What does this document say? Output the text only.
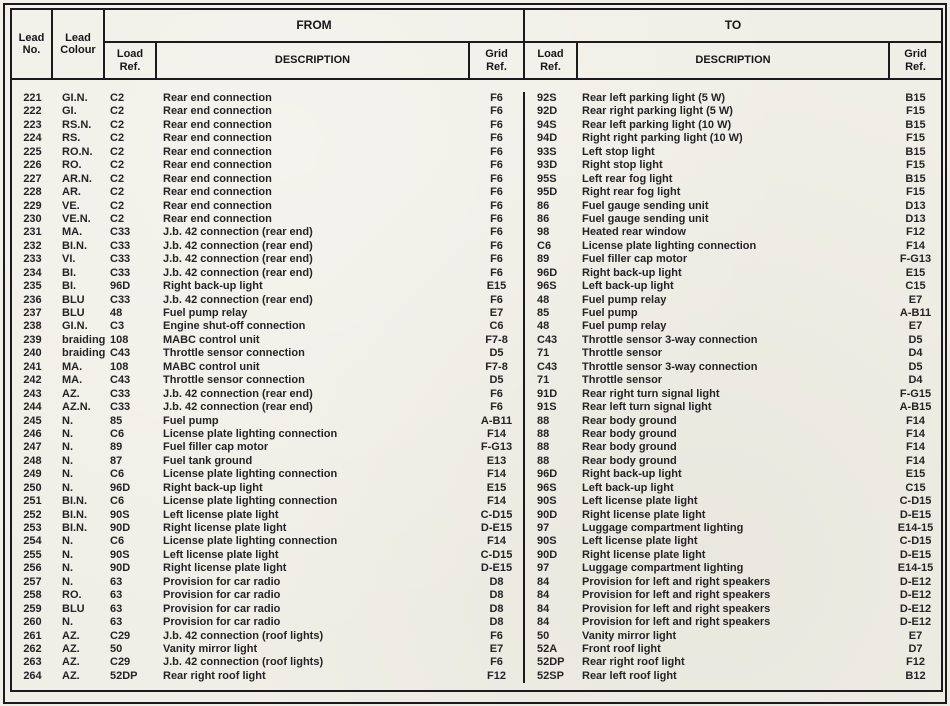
Lead No.
Lead Colour
FROM	TO
Load Ref.
DESCRIPTION
Grid Ref.
Load Ref.
DESCRIPTION
Grid Ref.
221	GI.N.	C2	Rear end connection	F6	92S	Rear left parking light (5 W)	B15
222	GI.	C2	Rear end connection	F6	92D	Rear right parking light (5 W)	F15
223	RS.N.	C2	Rear end connection	F6	94S	Rear left parking light (10 W)	B15
224	RS.	C2	Rear end connection	F6	94D	Right right parking light (10 W)	F15
225	RO.N.	C2	Rear end connection	F6	93S	Left stop light	B15
226	RO.	C2	Rear end connection	F6	93D	Right stop light	F15
227	AR.N.	C2	Rear end connection	F6	95S	Left rear fog light	B15
228	AR.	C2	Rear end connection	F6	95D	Right rear fog light	F15
229	VE.	C2	Rear end connection	F6	86	Fuel gauge sending unit	D13
230	VE.N.	C2	Rear end connection	F6	86	Fuel gauge sending unit	D13
231	MA.	C33	J.b. 42 connection (rear end)	F6	98	Heated rear window	F12
232	BI.N.	C33	J.b. 42 connection (rear end)	F6	C6	License plate lighting connection	F14
233	VI.	C33	J.b. 42 connection (rear end)	F6	89	Fuel filler cap motor	F-G13
234	BI.	C33	J.b. 42 connection (rear end)	F6	96D	Right back-up light	E15
235	BI.	96D	Right back-up light	E15	96S	Left back-up light	C15
236	BLU	C33	J.b. 42 connection (rear end)	F6	48	Fuel pump relay	E7
237	BLU	48	Fuel pump relay	E7	85	Fuel pump	A-B11
238	GI.N.	C3	Engine shut-off connection	C6	48	Fuel pump relay	E7
239	braiding 108	MABC control unit	F7-8	C43	Throttle sensor 3-way connection	D5
240	braiding C43	Throttle sensor connection	D5	71	Throttle sensor	D4
241	MA.	108	MABC control unit	F7-8	C43	Throttle sensor 3-way connection	D5
242	MA.	C43	Throttle sensor connection	D5	71	Throttle sensor	D4
243	AZ.	C33	J.b. 42 connection (rear end)	F6	91D	Rear right turn signal light	F-G15
244	AZ.N.	C33	J.b. 42 connection (rear end)	F6	91S	Rear left turn signal light	A-B15
245	N.	85	Fuel pump	A-B11	88	Rear body ground	F14
246	N.	C6	License plate lighting connection	F14	88	Rear body ground	F14
247	N.	89	Fuel filler cap motor	F-G13	88	Rear body ground	F14
248	N.	87	Fuel tank ground	E13	88	Rear body ground	F14
249	N.	C6	License plate lighting connection	F14	96D	Right back-up light	E15
250	N.	96D	Right back-up light	E15	96S	Left back-up light	C15
251	BI.N.	C6	License plate lighting connection	F14	90S	Left license plate light	C-D15
252	BI.N.	90S	Left license plate light	C-D15	90D	Right license plate light	D-E15
253	BI.N.	90D	Right license plate light	D-E15	97	Luggage compartment lighting	E14-15
254	N.	C6	License plate lighting connection	F14	90S	Left license plate light	C-D15
255	N.	90S	Left license plate light	C-D15	90D	Right license plate light	D-E15
256	N.	90D	Right license plate light	D-E15	97	Luggage compartment lighting	E14-15
257	N.	63	Provision for car radio	D8	84	Provision for left and right speakers	D-E12
258	RO.	63	Provision for car radio	D8	84	Provision for left and right speakers	D-E12
259	BLU	63	Provision for car radio	D8	84	Provision for left and right speakers	D-E12
260	N.	63	Provision for car radio	D8	84	Provision for left and right speakers	D-E12
261	AZ.	C29	J.b. 42 connection (roof lights)	F6	50	Vanity mirror light	E7
262	AZ.	50	Vanity mirror light	E7	52A	Front roof light	D7
263	AZ.	C29	J.b. 42 connection (roof lights)	F6	52DP	Rear right roof light	F12
264	AZ.	52DP	Rear right roof light	F12	52SP	Rear left roof light	B12
